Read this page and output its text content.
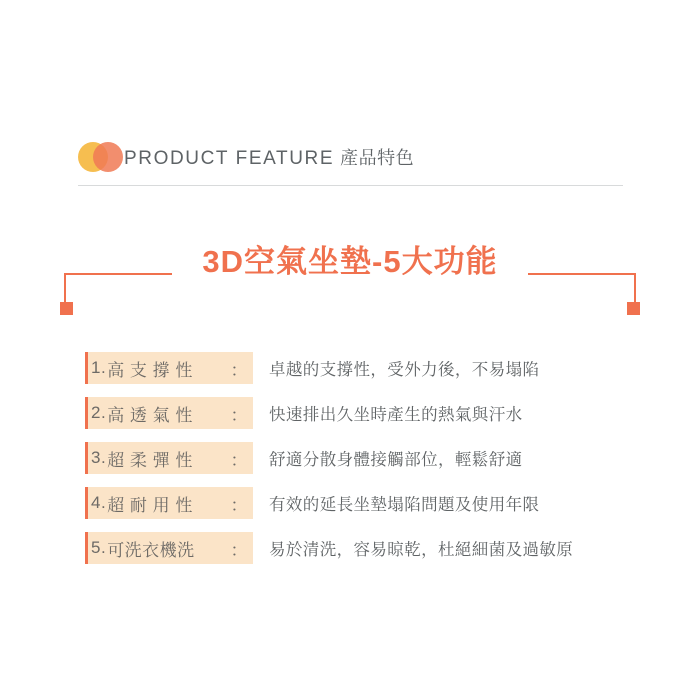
PRODUCT FEATURE 產品特色
3D空氣坐墊-5大功能
1. 高 支 撐 性 ：	卓越的支撐性，受外力後，不易塌陷
2. 高 透 氣 性 ：	快速排出久坐時產生的熱氣與汗水
3. 超 柔 彈 性 ：	舒適分散身體接觸部位，輕鬆舒適
4. 超 耐 用 性 ：	有效的延長坐墊塌陷問題及使用年限
5. 可洗衣機洗 ：	易於清洗，容易晾乾，杜絕細菌及過敏原
